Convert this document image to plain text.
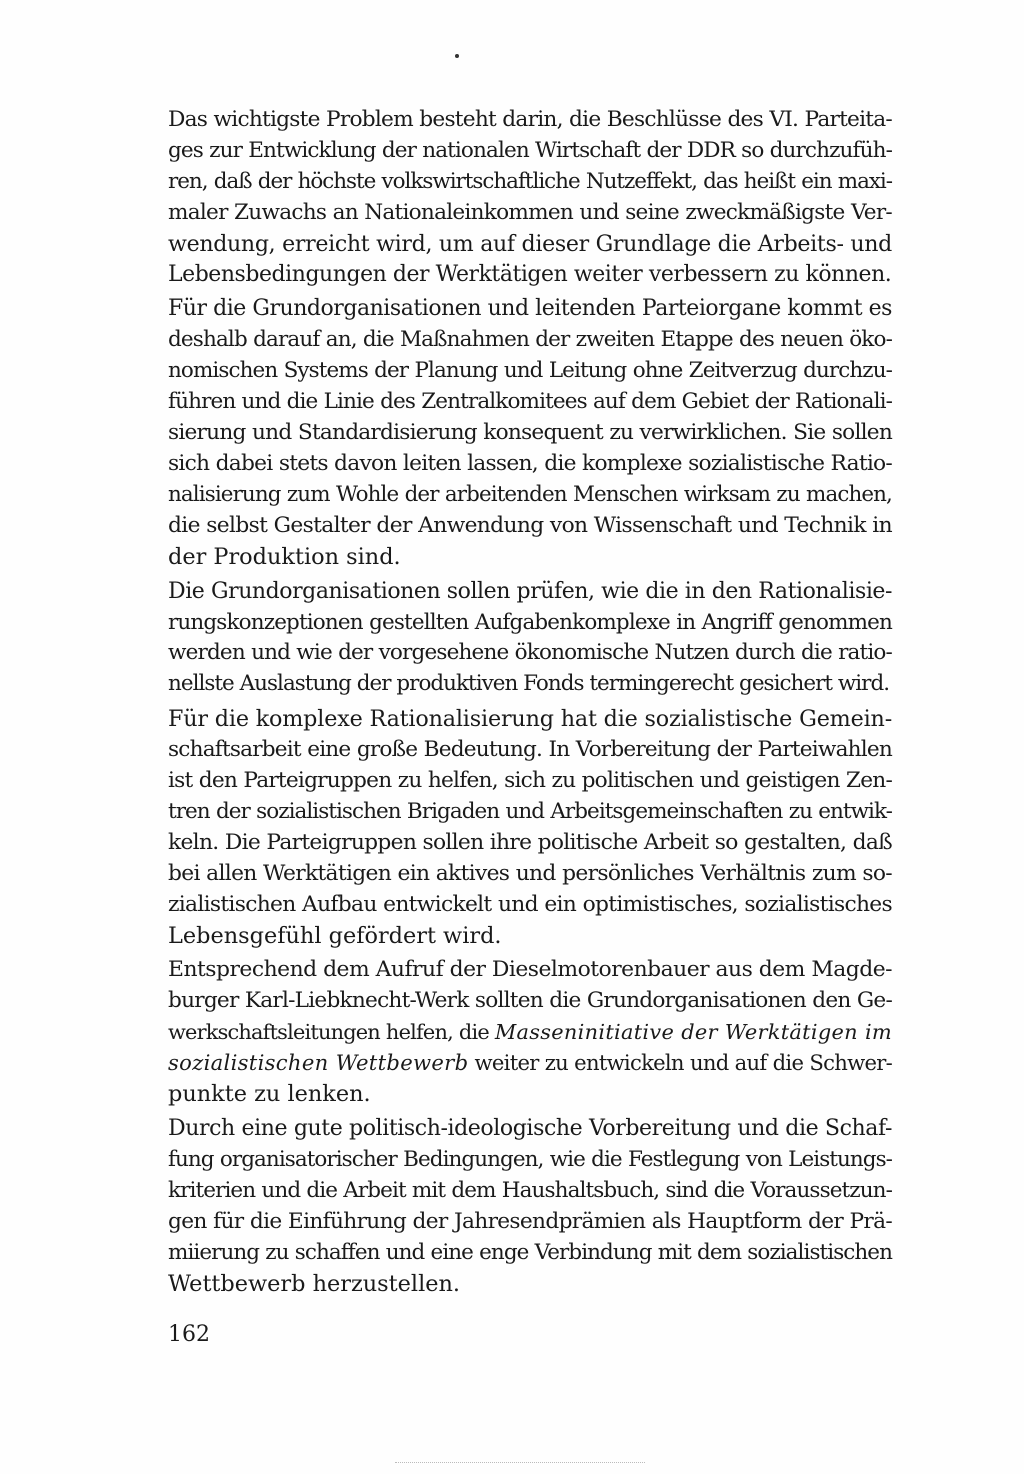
Das wichtigste Problem besteht darin, die Beschlüsse des VI. Parteita-
ges zur Entwicklung der nationalen Wirtschaft der DDR so durchzufüh-
ren, daß der höchste volkswirtschaftliche Nutzeffekt, das heißt ein maxi-
maler Zuwachs an Nationaleinkommen und seine zweckmäßigste Ver-
wendung, erreicht wird, um auf dieser Grundlage die Arbeits- und
Lebensbedingungen der Werktätigen weiter verbessern zu können.

Für die Grundorganisationen und leitenden Parteiorgane kommt es
deshalb darauf an, die Maßnahmen der zweiten Etappe des neuen öko-
nomischen Systems der Planung und Leitung ohne Zeitverzug durchzu-
führen und die Linie des Zentralkomitees auf dem Gebiet der Rationali-
sierung und Standardisierung konsequent zu verwirklichen. Sie sollen
sich dabei stets davon leiten lassen, die komplexe sozialistische Ratio-
nalisierung zum Wohle der arbeitenden Menschen wirksam zu machen,
die selbst Gestalter der Anwendung von Wissenschaft und Technik in
der Produktion sind.

Die Grundorganisationen sollen prüfen, wie die in den Rationalisie-
rungskonzeptionen gestellten Aufgabenkomplexe in Angriff genommen
werden und wie der vorgesehene ökonomische Nutzen durch die ratio-
nellste Auslastung der produktiven Fonds termingerecht gesichert wird.

Für die komplexe Rationalisierung hat die sozialistische Gemein-
schaftsarbeit eine große Bedeutung. In Vorbereitung der Parteiwahlen
ist den Parteigruppen zu helfen, sich zu politischen und geistigen Zen-
tren der sozialistischen Brigaden und Arbeitsgemeinschaften zu entwik-
keln. Die Parteigruppen sollen ihre politische Arbeit so gestalten, daß
bei allen Werktätigen ein aktives und persönliches Verhältnis zum so-
zialistischen Aufbau entwickelt und ein optimistisches, sozialistisches
Lebensgefühl gefördert wird.

Entsprechend dem Aufruf der Dieselmotorenbauer aus dem Magde-
burger Karl-Liebknecht-Werk sollten die Grundorganisationen den Ge-
werkschaftsleitungen helfen, die Masseninitiative der Werktätigen im
sozialistischen Wettbewerb weiter zu entwickeln und auf die Schwer-
punkte zu lenken.

Durch eine gute politisch-ideologische Vorbereitung und die Schaf-
fung organisatorischer Bedingungen, wie die Festlegung von Leistungs-
kriterien und die Arbeit mit dem Haushaltsbuch, sind die Voraussetzun-
gen für die Einführung der Jahresendprämien als Hauptform der Prä-
miierung zu schaffen und eine enge Verbindung mit dem sozialistischen
Wettbewerb herzustellen.

162
